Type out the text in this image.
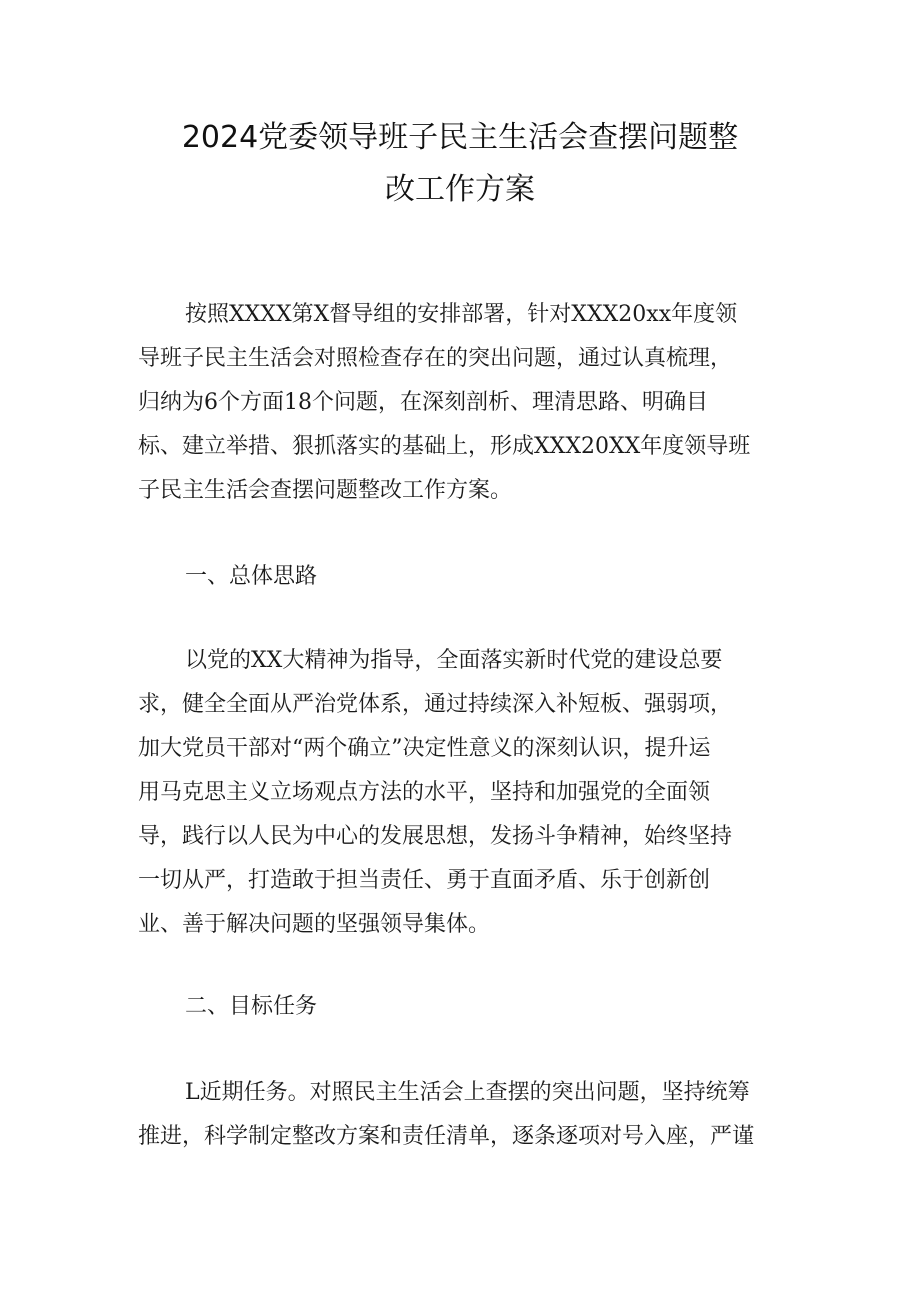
2024党委领导班子民主生活会查摆问题整
改工作方案
按照XXXX第X督导组的安排部署，针对XXX20xx年度领
导班子民主生活会对照检查存在的突出问题，通过认真梳理，
归纳为6个方面18个问题，在深刻剖析、理清思路、明确目
标、建立举措、狠抓落实的基础上，形成XXX20XX年度领导班
子民主生活会查摆问题整改工作方案。
一、总体思路
以党的XX大精神为指导，全面落实新时代党的建设总要
求，健全全面从严治党体系，通过持续深入补短板、强弱项，
加大党员干部对“两个确立”决定性意义的深刻认识，提升运
用马克思主义立场观点方法的水平，坚持和加强党的全面领
导，践行以人民为中心的发展思想，发扬斗争精神，始终坚持
一切从严，打造敢于担当责任、勇于直面矛盾、乐于创新创
业、善于解决问题的坚强领导集体。
二、目标任务
L近期任务。对照民主生活会上查摆的突出问题，坚持统筹
推进，科学制定整改方案和责任清单，逐条逐项对号入座，严谨
